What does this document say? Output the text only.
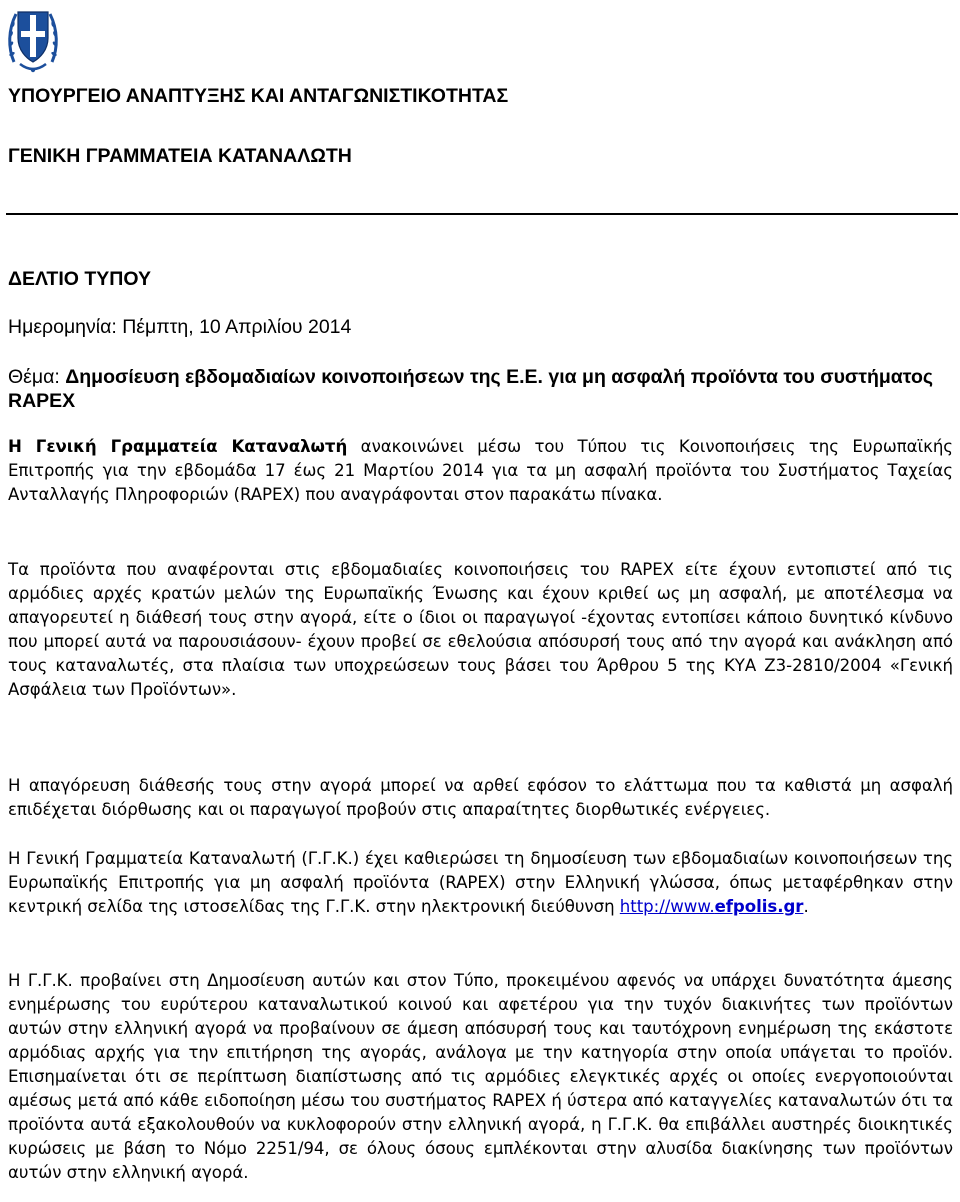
ΥΠΟΥΡΓΕΙΟ ΑΝΑΠΤΥΞΗΣ ΚΑΙ ΑΝΤΑΓΩΝΙΣΤΙΚΟΤΗΤΑΣ

ΓΕΝΙΚΗ ΓΡΑΜΜΑΤΕΙΑ ΚΑΤΑΝΑΛΩΤΗ

ΔΕΛΤΙΟ ΤΥΠΟΥ

Ημερομηνία: Πέμπτη, 10 Απριλίου 2014

Θέμα: Δημοσίευση εβδομαδιαίων κοινοποιήσεων της Ε.Ε. για μη ασφαλή προϊόντα του συστήματος RAPEX

Η Γενική Γραμματεία Καταναλωτή ανακοινώνει μέσω του Τύπου τις Κοινοποιήσεις της Ευρωπαϊκής Επιτροπής για την εβδομάδα 17 έως 21 Μαρτίου 2014 για τα μη ασφαλή προϊόντα του Συστήματος Ταχείας Ανταλλαγής Πληροφοριών (RAPEX) που αναγράφονται στον παρακάτω πίνακα.

Τα προϊόντα που αναφέρονται στις εβδομαδιαίες κοινοποιήσεις του RAPEX είτε έχουν εντοπιστεί από τις αρμόδιες αρχές κρατών μελών της Ευρωπαϊκής Ένωσης και έχουν κριθεί ως μη ασφαλή, με αποτέλεσμα να απαγορευτεί η διάθεσή τους στην αγορά, είτε ο ίδιοι οι παραγωγοί -έχοντας εντοπίσει κάποιο δυνητικό κίνδυνο που μπορεί αυτά να παρουσιάσουν- έχουν προβεί σε εθελούσια απόσυρσή τους από την αγορά και ανάκληση από τους καταναλωτές, στα πλαίσια των υποχρεώσεων τους βάσει του Άρθρου 5 της ΚΥΑ Ζ3-2810/2004 «Γενική Ασφάλεια των Προϊόντων».

Η απαγόρευση διάθεσής τους στην αγορά μπορεί να αρθεί εφόσον το ελάττωμα που τα καθιστά μη ασφαλή επιδέχεται διόρθωσης και οι παραγωγοί προβούν στις απαραίτητες διορθωτικές ενέργειες.

Η Γενική Γραμματεία Καταναλωτή (Γ.Γ.Κ.) έχει καθιερώσει τη δημοσίευση των εβδομαδιαίων κοινοποιήσεων της Ευρωπαϊκής Επιτροπής για μη ασφαλή προϊόντα (RAPEX) στην Ελληνική γλώσσα, όπως μεταφέρθηκαν στην κεντρική σελίδα της ιστοσελίδας της Γ.Γ.Κ. στην ηλεκτρονική διεύθυνση http://www.efpolis.gr.

Η Γ.Γ.Κ. προβαίνει στη Δημοσίευση αυτών και στον Τύπο, προκειμένου αφενός να υπάρχει δυνατότητα άμεσης ενημέρωσης του ευρύτερου καταναλωτικού κοινού και αφετέρου για την τυχόν διακινήτες των προϊόντων αυτών στην ελληνική αγορά να προβαίνουν σε άμεση απόσυρσή τους και ταυτόχρονη ενημέρωση της εκάστοτε αρμόδιας αρχής για την επιτήρηση της αγοράς, ανάλογα με την κατηγορία στην οποία υπάγεται το προϊόν. Επισημαίνεται ότι σε περίπτωση διαπίστωσης από τις αρμόδιες ελεγκτικές αρχές οι οποίες ενεργοποιούνται αμέσως μετά από κάθε ειδοποίηση μέσω του συστήματος RAPEX ή ύστερα από καταγγελίες καταναλωτών ότι τα προϊόντα αυτά εξακολουθούν να κυκλοφορούν στην ελληνική αγορά, η Γ.Γ.Κ. θα επιβάλλει αυστηρές διοικητικές κυρώσεις με βάση το Νόμο 2251/94, σε όλους όσους εμπλέκονται στην αλυσίδα διακίνησης των προϊόντων αυτών στην ελληνική αγορά.
